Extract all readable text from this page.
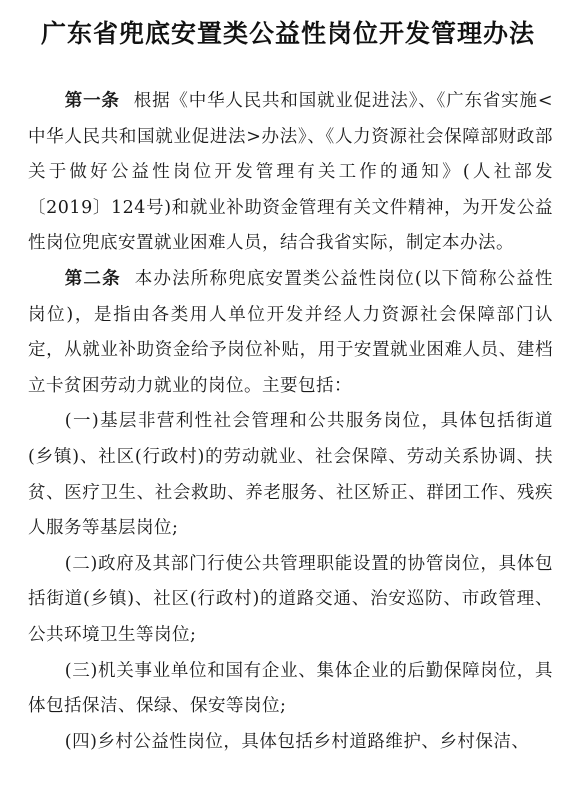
广东省兜底安置类公益性岗位开发管理办法

第一条 根据《中华人民共和国就业促进法》、《广东省实施<中华人民共和国就业促进法>办法》、《人力资源社会保障部财政部关于做好公益性岗位开发管理有关工作的通知》(人社部发〔2019〕124号)和就业补助资金管理有关文件精神，为开发公益性岗位兜底安置就业困难人员，结合我省实际，制定本办法。

第二条 本办法所称兜底安置类公益性岗位(以下简称公益性岗位)，是指由各类用人单位开发并经人力资源社会保障部门认定，从就业补助资金给予岗位补贴，用于安置就业困难人员、建档立卡贫困劳动力就业的岗位。主要包括：

(一)基层非营利性社会管理和公共服务岗位，具体包括街道(乡镇)、社区(行政村)的劳动就业、社会保障、劳动关系协调、扶贫、医疗卫生、社会救助、养老服务、社区矫正、群团工作、残疾人服务等基层岗位;

(二)政府及其部门行使公共管理职能设置的协管岗位，具体包括街道(乡镇)、社区(行政村)的道路交通、治安巡防、市政管理、公共环境卫生等岗位;

(三)机关事业单位和国有企业、集体企业的后勤保障岗位，具体包括保洁、保绿、保安等岗位;

(四)乡村公益性岗位，具体包括乡村道路维护、乡村保洁、
